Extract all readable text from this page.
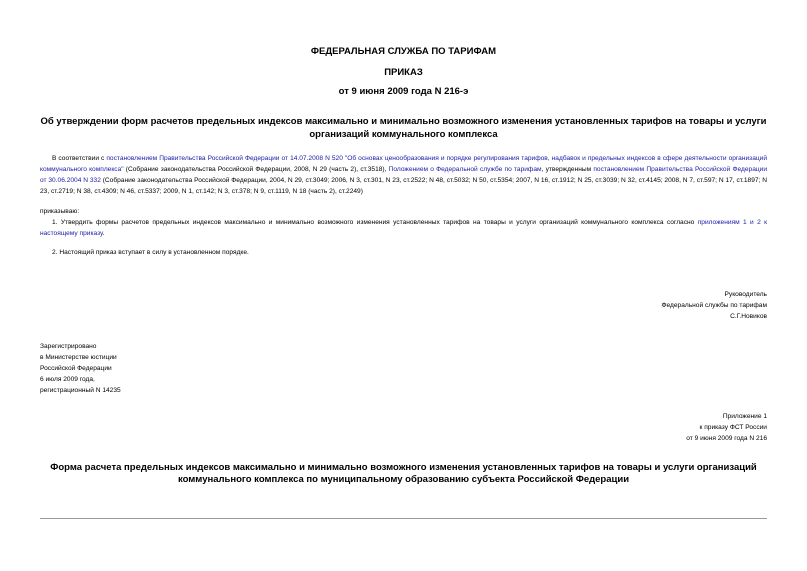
ФЕДЕРАЛЬНАЯ СЛУЖБА ПО ТАРИФАМ
ПРИКАЗ
от 9 июня 2009 года N 216-э
Об утверждении форм расчетов предельных индексов максимально и минимально возможного изменения установленных тарифов на товары и услуги организаций коммунального комплекса
В соответствии с постановлением Правительства Российской Федерации от 14.07.2008 N 520 "Об основах ценообразования и порядке регулирования тарифов, надбавок и предельных индексов в сфере деятельности организаций коммунального комплекса" (Собрание законодательства Российской Федерации, 2008, N 29 (часть 2), ст.3518), Положением о Федеральной службе по тарифам, утвержденным постановлением Правительства Российской Федерации от 30.06.2004 N 332 (Собрание законодательства Российской Федерации, 2004, N 29, ст.3049; 2006, N 3, ст.301, N 23, ст.2522; N 48, ст.5032; N 50, ст.5354; 2007, N 16, ст.1912; N 25, ст.3039; N 32, ст.4145; 2008, N 7, ст.597; N 17, ст.1897; N 23, ст.2719; N 38, ст.4309; N 46, ст.5337; 2009, N 1, ст.142; N 3, ст.378; N 9, ст.1119, N 18 (часть 2), ст.2249)
приказываю:
1. Утвердить формы расчетов предельных индексов максимально и минимально возможного изменения установленных тарифов на товары и услуги организаций коммунального комплекса согласно приложениям 1 и 2 к настоящему приказу.
2. Настоящий приказ вступает в силу в установленном порядке.
Руководитель
Федеральной службы по тарифам
С.Г.Новиков
Зарегистрировано
в Министерстве юстиции
Российской Федерации
6 июля 2009 года,
регистрационный N 14235
Приложение 1
к приказу ФСТ России
от 9 июня 2009 года N 216
Форма расчета предельных индексов максимально и минимально возможного изменения установленных тарифов на товары и услуги организаций коммунального комплекса по муниципальному образованию субъекта Российской Федерации
